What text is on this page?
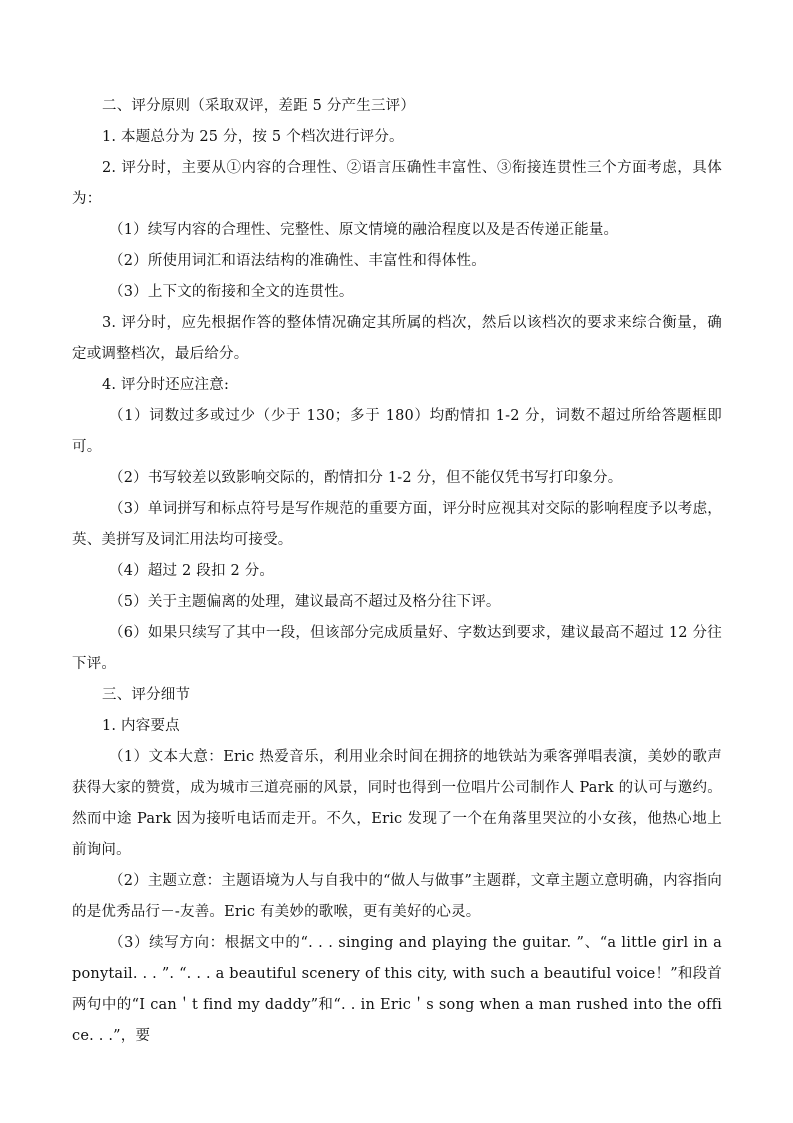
二、评分原则（采取双评，差距 5 分产生三评）

1. 本题总分为 25 分，按 5 个档次进行评分。

2. 评分时，主要从①内容的合理性、②语言压确性丰富性、③衔接连贯性三个方面考虑，具体为：

（1）续写内容的合理性、完整性、原文情境的融洽程度以及是否传递正能量。

（2）所使用词汇和语法结构的准确性、丰富性和得体性。

（3）上下文的衔接和全文的连贯性。

3. 评分时，应先根据作答的整体情况确定其所属的档次，然后以该档次的要求来综合衡量，确定或调整档次，最后给分。

4. 评分时还应注意:

（1）词数过多或过少（少于 130；多于 180）均酌情扣 1-2 分，词数不超过所给答题框即可。

（2）书写较差以致影响交际的，酌情扣分 1-2 分，但不能仅凭书写打印象分。

（3）单词拼写和标点符号是写作规范的重要方面，评分时应视其对交际的影响程度予以考虑，英、美拼写及词汇用法均可接受。

（4）超过 2 段扣 2 分。

（5）关于主题偏离的处理，建议最高不超过及格分往下评。

（6）如果只续写了其中一段，但该部分完成质量好、字数达到要求，建议最高不超过 12 分往下评。

三、评分细节

1. 内容要点

（1）文本大意：Eric 热爱音乐，利用业余时间在拥挤的地铁站为乘客弹唱表演，美妙的歌声获得大家的赞赏，成为城市三道亮丽的风景，同时也得到一位唱片公司制作人 Park 的认可与邀约。然而中途 Park 因为接听电话而走开。不久，Eric 发现了一个在角落里哭泣的小女孩，他热心地上前询问。

（2）主题立意：主题语境为人与自我中的“做人与做事”主题群，文章主题立意明确，内容指向的是优秀品行－-友善。Eric 有美妙的歌喉，更有美好的心灵。

（3）续写方向：根据文中的“. . . singing and playing the guitar. ”、“a little girl in a ponytail. . . ”. “. . . a beautiful scenery of this city, with such a beautiful voice！”和段首两句中的“I can＇t find my daddy”和“. . in Eric＇s song when a man rushed into the office. . .”，要
